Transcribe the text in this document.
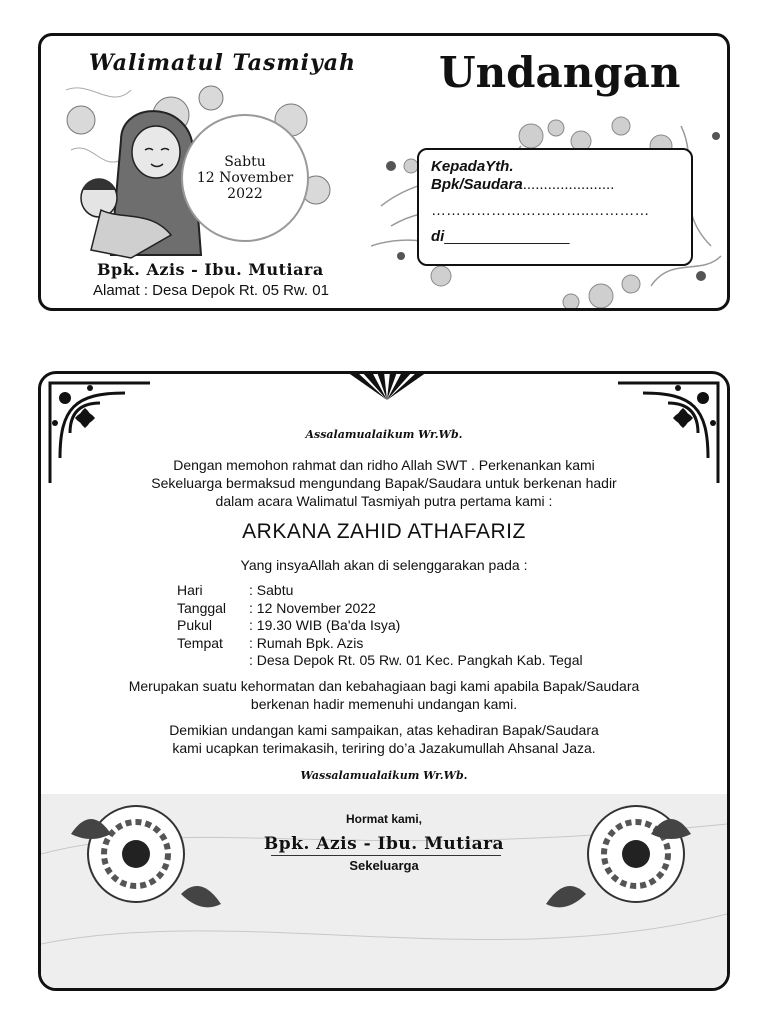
Walimatul Tasmiyah Undangan
Sabtu
12 November
2022
Bpk. Azis - Ibu. Mutiara
Alamat : Desa Depok Rt. 05 Rw. 01
KepadaYth.
Bpk/Saudara......................
…………………………..…………
di_______________
Assalamualaikum Wr.Wb.
Dengan memohon rahmat dan ridho Allah SWT . Perkenankan kami
Sekeluarga bermaksud mengundang Bapak/Saudara untuk berkenan hadir
dalam acara Walimatul Tasmiyah putra pertama kami :
ARKANA ZAHID ATHAFARIZ
Yang insyaAllah akan di selenggarakan pada :
Hari	: Sabtu
Tanggal	: 12 November 2022
Pukul	: 19.30 WIB (Ba'da Isya)
Tempat	: Rumah Bpk. Azis
: Desa Depok Rt. 05 Rw. 01 Kec. Pangkah Kab. Tegal
Merupakan suatu kehormatan dan kebahagiaan bagi kami apabila Bapak/Saudara
berkenan hadir memenuhi undangan kami.
Demikian undangan kami sampaikan, atas kehadiran Bapak/Saudara
kami ucapkan terimakasih, teriring do’a Jazakumullah Ahsanal Jaza.
Wassalamualaikum Wr.Wb.
Hormat kami,
Bpk. Azis - Ibu. Mutiara
Sekeluarga
